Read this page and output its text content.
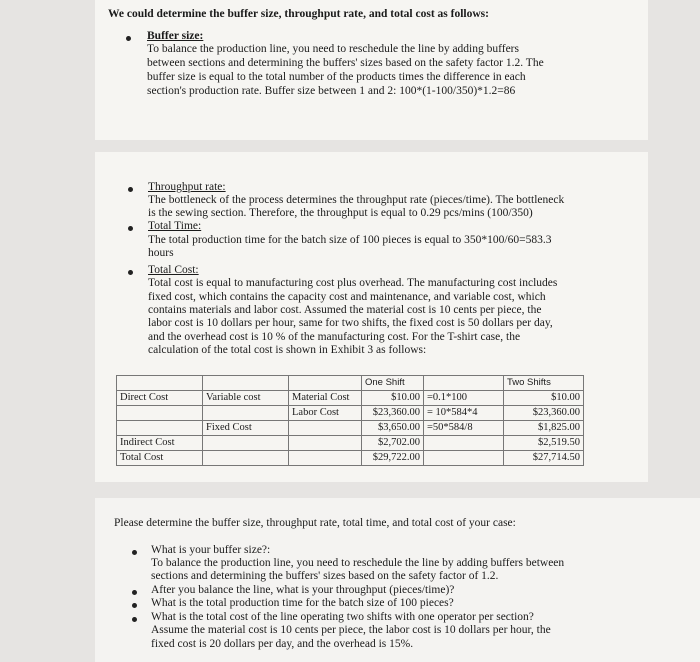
We could determine the buffer size, throughput rate, and total cost as follows:

Buffer size:

To balance the production line, you need to reschedule the line by adding buffers

between sections and determining the buffers' sizes based on the safety factor 1.2. The

buffer size is equal to the total number of the products times the difference in each

section's production rate. Buffer size between 1 and 2: 100*(1-100/350)*1.2=86

Throughput rate:

The bottleneck of the process determines the throughput rate (pieces/time). The bottleneck

is the sewing section. Therefore, the throughput is equal to 0.29 pcs/mins (100/350)

Total Time:

The total production time for the batch size of 100 pieces is equal to 350*100/60=583.3

hours

Total Cost:

Total cost is equal to manufacturing cost plus overhead. The manufacturing cost includes

fixed cost, which contains the capacity cost and maintenance, and variable cost, which

contains materials and labor cost. Assumed the material cost is 10 cents per piece, the

labor cost is 10 dollars per hour, same for two shifts, the fixed cost is 50 dollars per day,

and the overhead cost is 10 % of the manufacturing cost. For the T-shirt case, the

calculation of the total cost is shown in Exhibit 3 as follows:

			One Shift		Two Shifts
Direct Cost	Variable cost	Material Cost	$10.00	=0.1*100	$10.00
		Labor Cost	$23,360.00	= 10*584*4	$23,360.00
	Fixed Cost		$3,650.00	=50*584/8	$1,825.00
Indirect Cost			$2,702.00		$2,519.50
Total Cost			$29,722.00		$27,714.50

Please determine the buffer size, throughput rate, total time, and total cost of your case:

What is your buffer size?:

To balance the production line, you need to reschedule the line by adding buffers between

sections and determining the buffers' sizes based on the safety factor of 1.2.

After you balance the line, what is your throughput (pieces/time)?

What is the total production time for the batch size of 100 pieces?

What is the total cost of the line operating two shifts with one operator per section?

Assume the material cost is 10 cents per piece, the labor cost is 10 dollars per hour, the

fixed cost is 20 dollars per day, and the overhead is 15%.
